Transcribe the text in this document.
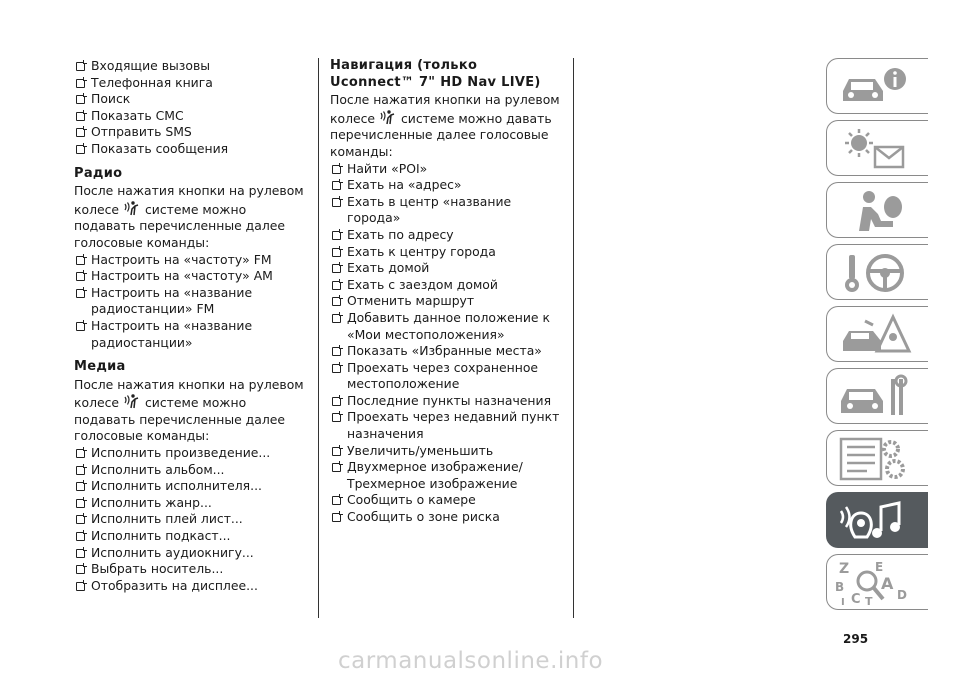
Входящие вызовы
Телефонная книга
Поиск
Показать СМС
Отправить SMS
Показать сообщения
Радио

После нажатия кнопки на рулевом колесе системе можно подавать перечисленные далее голосовые команды:

Настроить на «частоту» FM
Настроить на «частоту» AM
Настроить на «название радиостанции» FM
Настроить на «название радиостанции»
Медиа

После нажатия кнопки на рулевом колесе системе можно подавать перечисленные далее голосовые команды:

Исполнить произведение...
Исполнить альбом...
Исполнить исполнителя...
Исполнить жанр...
Исполнить плей лист...
Исполнить подкаст...
Исполнить аудиокнигу...
Выбрать носитель...
Отобразить на дисплее...
Навигация (только Uconnect™ 7" HD Nav LIVE)

После нажатия кнопки на рулевом колесе системе можно давать перечисленные далее голосовые команды:

Найти «POI»
Ехать на «адрес»
Ехать в центр «название города»
Ехать по адресу
Ехать к центру города
Ехать домой
Ехать с заездом домой
Отменить маршрут
Добавить данное положение к «Мои местоположения»
Показать «Избранные места»
Проехать через сохраненное местоположение
Последние пункты назначения
Проехать через недавний пункт назначения
Увеличить/уменьшить
Двухмерное изображение/Трехмерное изображение
Сообщить о камере
Сообщить о зоне риска
Z E
B A
C	D
I T
295
carmanualsonline.info
